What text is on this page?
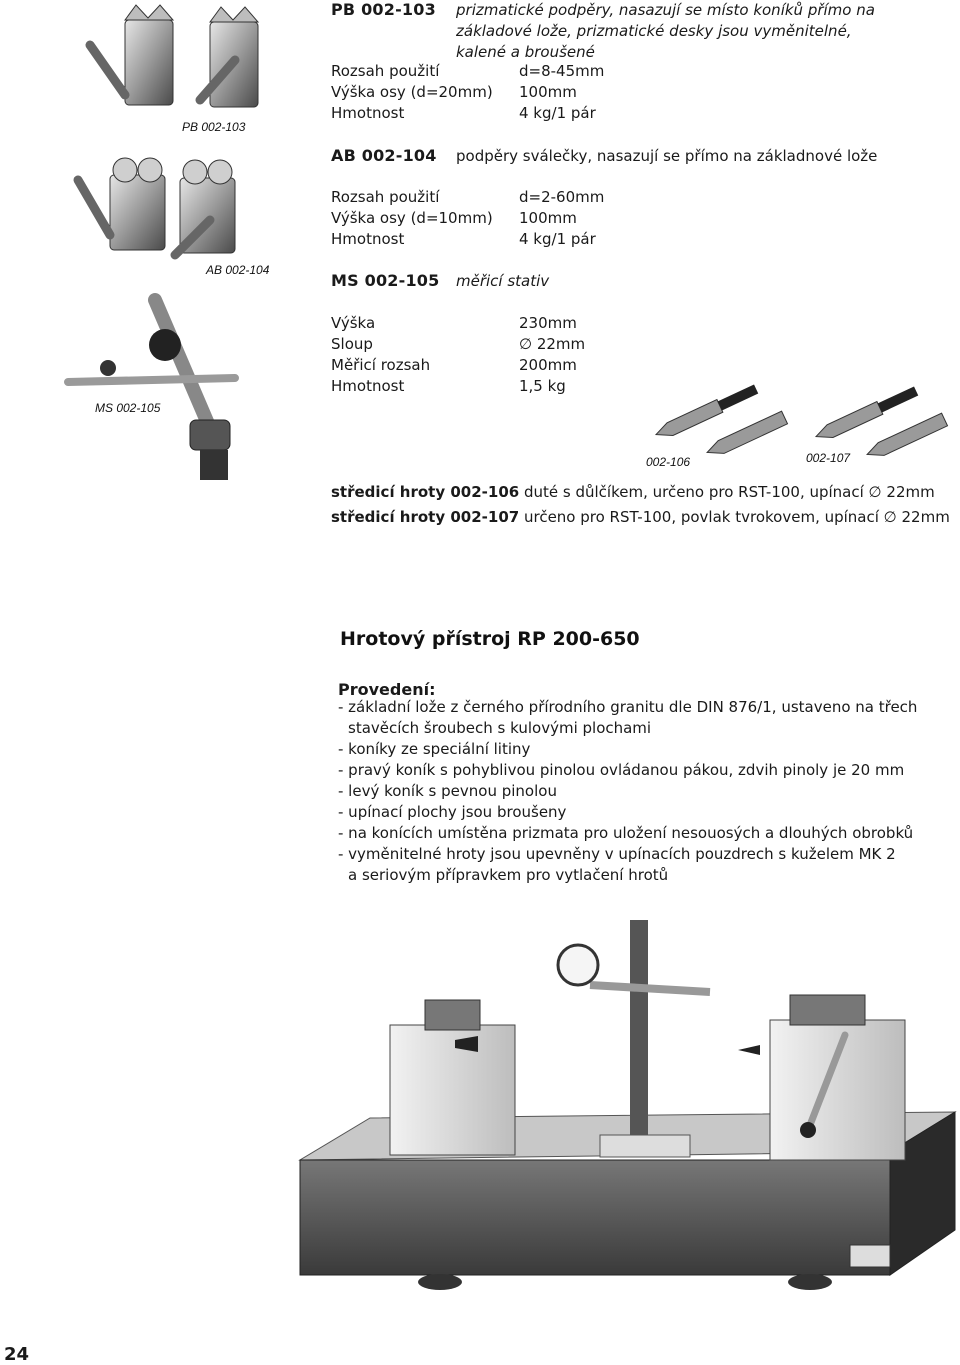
PB 002-103
PB 002-103 prizmatické podpěry, nasazují se místo koníků přímo na
základové lože, prizmatické desky jsou vyměnitelné,
kalené a broušené
Rozsah použití
Výška osy (d=20mm)
Hmotnost
d=8-45mm
100mm
4 kg/1 pár
AB 002-104
AB 002-104 podpěry sválečky, nasazují se přímo na základnové lože
Rozsah použití
Výška osy (d=10mm)
Hmotnost
d=2-60mm
100mm
4 kg/1 pár
MS 002-105
MS 002-105 měřicí stativ
Výška
Sloup
Měřicí rozsah
Hmotnost
230mm
∅ 22mm
200mm
1,5 kg
002-106	002-107
středicí hroty 002-106 duté s důlčíkem, určeno pro RST-100, upínací ∅ 22mm
středicí hroty 002-107 určeno pro RST-100, povlak tvrokovem, upínací ∅ 22mm
Hrotový přístroj RP 200-650
Provedení:
- základní lože z černého přírodního granitu dle DIN 876/1, ustaveno na třech
stavěcích šroubech s kulovými plochami
- koníky ze speciální litiny
- pravý koník s pohyblivou pinolou ovládanou pákou, zdvih pinoly je 20 mm
- levý koník s pevnou pinolou
- upínací plochy jsou broušeny
- na konících umístěna prizmata pro uložení nesouosých a dlouhých obrobků
- vyměnitelné hroty jsou upevněny v upínacích pouzdrech s kuželem MK 2
a seriovým přípravkem pro vytlačení hrotů
24
